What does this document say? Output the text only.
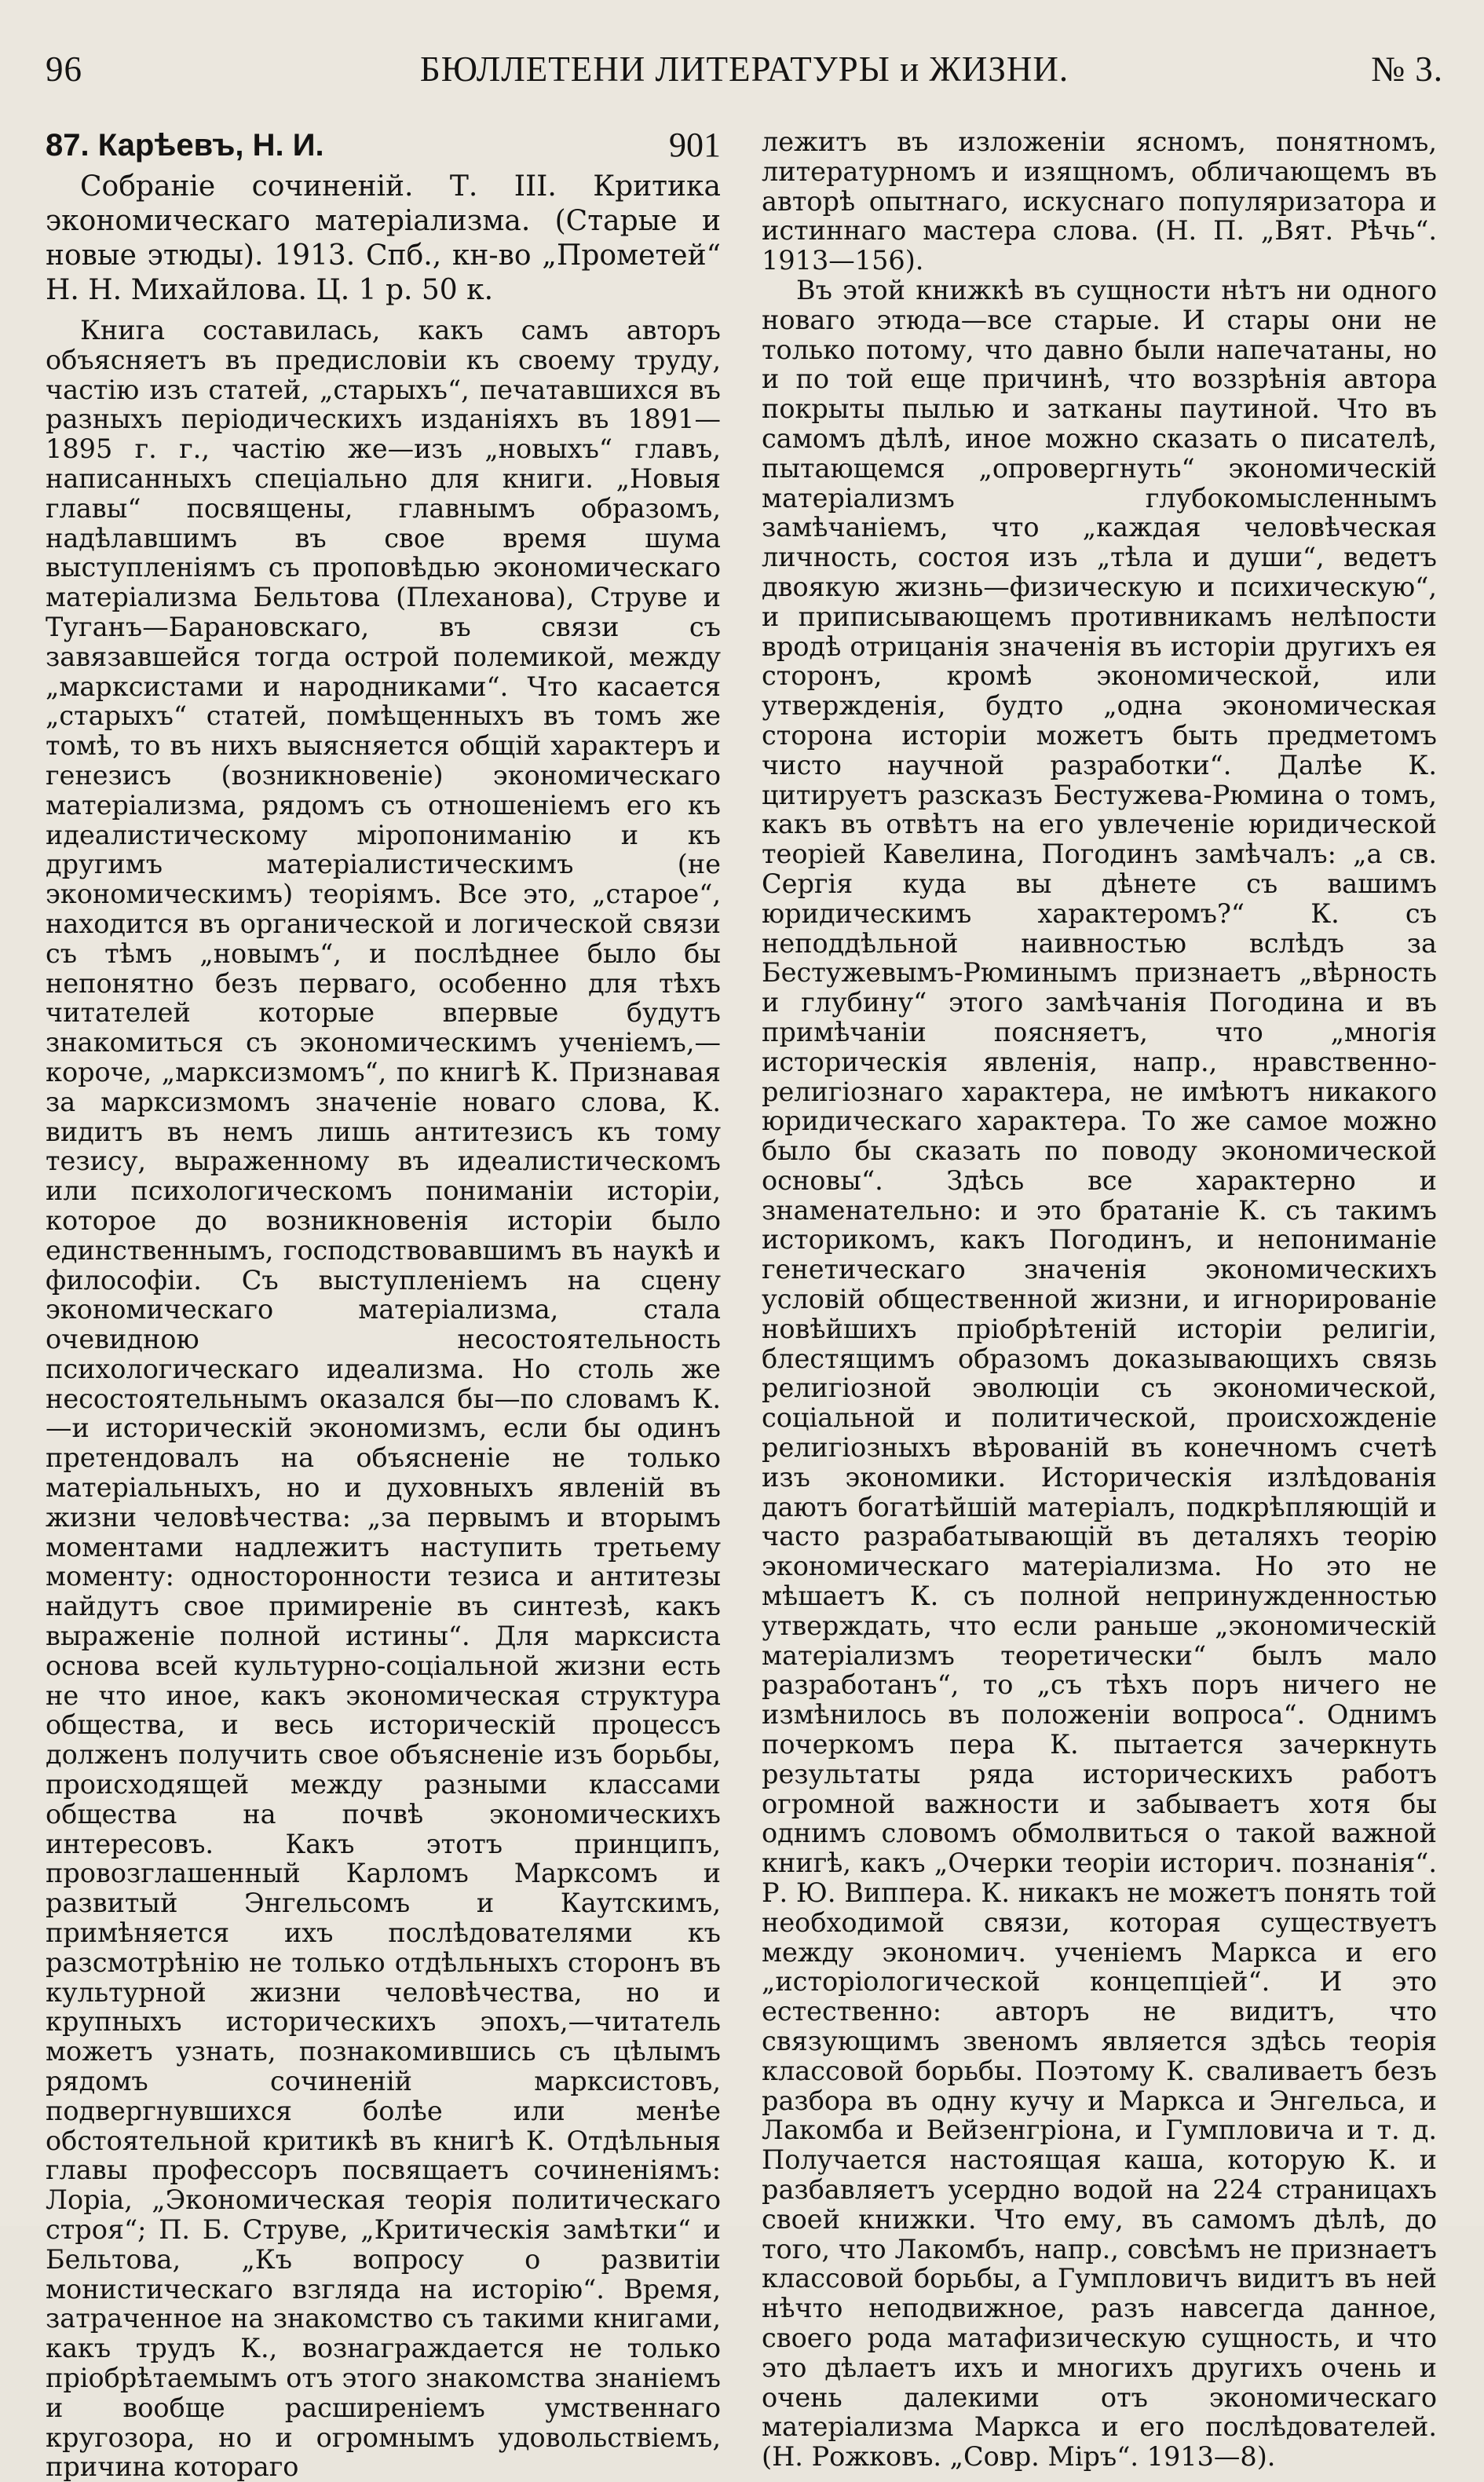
96	БЮЛЛЕТЕНИ ЛИТЕРАТУРЫ и ЖИЗНИ.	№ 3.
87. Карѣевъ, Н. И.	901

Собраніе сочиненій. Т. III. Критика экономическаго матеріализма. (Старые и новые этюды). 1913. Спб., кн-во „Прометей“ Н. Н. Михайлова. Ц. 1 р. 50 к.

Книга составилась, какъ самъ авторъ объясняетъ въ предисловіи къ своему труду, частію изъ статей, „старыхъ“, печатавшихся въ разныхъ періодическихъ изданіяхъ въ 1891—1895 г. г., частію же—изъ „новыхъ“ главъ, написанныхъ спеціально для книги. „Новыя главы“ посвящены, главнымъ образомъ, надѣлавшимъ въ свое время шума выступленіямъ съ проповѣдью экономическаго матеріализма Бельтова (Плеханова), Струве и Туганъ—Барановскаго, въ связи съ завязавшейся тогда острой полемикой, между „марксистами и народниками“. Что касается „старыхъ“ статей, помѣщенныхъ въ томъ же томѣ, то въ нихъ выясняется общій характеръ и генезисъ (возникновеніе) экономическаго матеріализма, рядомъ съ отношеніемъ его къ идеалистическому міропониманію и къ другимъ матеріалистическимъ (не экономическимъ) теоріямъ. Все это, „старое“, находится въ органической и логической связи съ тѣмъ „новымъ“, и послѣднее было бы непонятно безъ перваго, особенно для тѣхъ читателей которые впервые будутъ знакомиться съ экономическимъ ученіемъ,—короче, „марксизмомъ“, по книгѣ К. Признавая за марксизмомъ значеніе новаго слова, К. видитъ въ немъ лишь антитезисъ къ тому тезису, выраженному въ идеалистическомъ или психологическомъ пониманіи исторіи, которое до возникновенія исторіи было единственнымъ, господствовавшимъ въ наукѣ и философіи. Съ выступленіемъ на сцену экономическаго матеріализма, стала очевидною несостоятельность психологическаго идеализма. Но столь же несостоятельнымъ оказался бы—по словамъ К.—и историческій экономизмъ, если бы одинъ претендовалъ на объясненіе не только матеріальныхъ, но и духовныхъ явленій въ жизни человѣчества: „за первымъ и вторымъ моментами надлежитъ наступить третьему моменту: односторонности тезиса и антитезы найдутъ свое примиреніе въ синтезѣ, какъ выраженіе полной истины“. Для марксиста основа всей культурно-соціальной жизни есть не что иное, какъ экономическая структура общества, и весь историческій процессъ долженъ получить свое объясненіе изъ борьбы, происходящей между разными классами общества на почвѣ экономическихъ интересовъ. Какъ этотъ принципъ, провозглашенный Карломъ Марксомъ и развитый Энгельсомъ и Каутскимъ, примѣняется ихъ послѣдователями къ разсмотрѣнію не только отдѣльныхъ сторонъ въ культурной жизни человѣчества, но и крупныхъ историческихъ эпохъ,—читатель можетъ узнать, познакомившись съ цѣлымъ рядомъ сочиненій марксистовъ, подвергнувшихся болѣе или менѣе обстоятельной критикѣ въ книгѣ К. Отдѣльныя главы профессоръ посвящаетъ сочиненіямъ: Лоріа, „Экономическая теорія политическаго строя“; П. Б. Струве, „Критическія замѣтки“ и Бельтова, „Къ вопросу о развитіи монистическаго взгляда на исторію“. Время, затраченное на знакомство съ такими книгами, какъ трудъ К., вознаграждается не только пріобрѣтаемымъ отъ этого знакомства знаніемъ и вообще расширеніемъ умственнаго кругозора, но и огромнымъ удовольствіемъ, причина котораго

лежитъ въ изложеніи ясномъ, понятномъ, литературномъ и изящномъ, обличающемъ въ авторѣ опытнаго, искуснаго популяризатора и истиннаго мастера слова. (Н. П. „Вят. Рѣчь“. 1913—156).

Въ этой книжкѣ въ сущности нѣтъ ни одного новаго этюда—все старые. И стары они не только потому, что давно были напечатаны, но и по той еще причинѣ, что воззрѣнія автора покрыты пылью и затканы паутиной. Что въ самомъ дѣлѣ, иное можно сказать о писателѣ, пытающемся „опровергнуть“ экономическій матеріализмъ глубокомысленнымъ замѣчаніемъ, что „каждая человѣческая личность, состоя изъ „тѣла и души“, ведетъ двоякую жизнь—физическую и психическую“, и приписывающемъ противникамъ нелѣпости вродѣ отрицанія значенія въ исторіи другихъ ея сторонъ, кромѣ экономической, или утвержденія, будто „одна экономическая сторона исторіи можетъ быть предметомъ чисто научной разработки“. Далѣе К. цитируетъ разсказъ Бестужева-Рюмина о томъ, какъ въ отвѣтъ на его увлеченіе юридической теоріей Кавелина, Погодинъ замѣчалъ: „а св. Сергія куда вы дѣнете съ вашимъ юридическимъ характеромъ?“ К. съ неподдѣльной наивностью вслѣдъ за Бестужевымъ-Рюминымъ признаетъ „вѣрность и глубину“ этого замѣчанія Погодина и въ примѣчаніи поясняетъ, что „многія историческія явленія, напр., нравственно-религіознаго характера, не имѣютъ никакого юридическаго характера. То же самое можно было бы сказать по поводу экономической основы“. Здѣсь все характерно и знаменательно: и это братаніе К. съ такимъ историкомъ, какъ Погодинъ, и непониманіе генетическаго значенія экономическихъ условій общественной жизни, и игнорированіе новѣйшихъ пріобрѣтеній исторіи религіи, блестящимъ образомъ доказывающихъ связь религіозной эволюціи съ экономической, соціальной и политической, происхожденіе религіозныхъ вѣрованій въ конечномъ счетѣ изъ экономики. Историческія излѣдованія даютъ богатѣйшій матеріалъ, подкрѣпляющій и часто разрабатывающій въ деталяхъ теорію экономическаго матеріализма. Но это не мѣшаетъ К. съ полной непринужденностью утверждать, что если раньше „экономическій матеріализмъ теоретически“ былъ мало разработанъ“, то „съ тѣхъ поръ ничего не измѣнилось въ положеніи вопроса“. Однимъ почеркомъ пера К. пытается зачеркнуть результаты ряда историческихъ работъ огромной важности и забываетъ хотя бы однимъ словомъ обмолвиться о такой важной книгѣ, какъ „Очерки теоріи историч. познанія“. Р. Ю. Виппера. К. никакъ не можетъ понять той необходимой связи, которая существуетъ между экономич. ученіемъ Маркса и его „исторіологической концепціей“. И это естественно: авторъ не видитъ, что связующимъ звеномъ является здѣсь теорія классовой борьбы. Поэтому К. сваливаетъ безъ разбора въ одну кучу и Маркса и Энгельса, и Лакомба и Вейзенгріона, и Гумпловича и т. д. Получается настоящая каша, которую К. и разбавляетъ усердно водой на 224 страницахъ своей книжки. Что ему, въ самомъ дѣлѣ, до того, что Лакомбъ, напр., совсѣмъ не признаетъ классовой борьбы, а Гумпловичъ видитъ въ ней нѣчто неподвижное, разъ навсегда данное, своего рода матафизическую сущность, и что это дѣлаетъ ихъ и многихъ другихъ очень и очень далекими отъ экономическаго матеріализма Маркса и его послѣдователей. (Н. Рожковъ. „Совр. Міръ“. 1913—8).
